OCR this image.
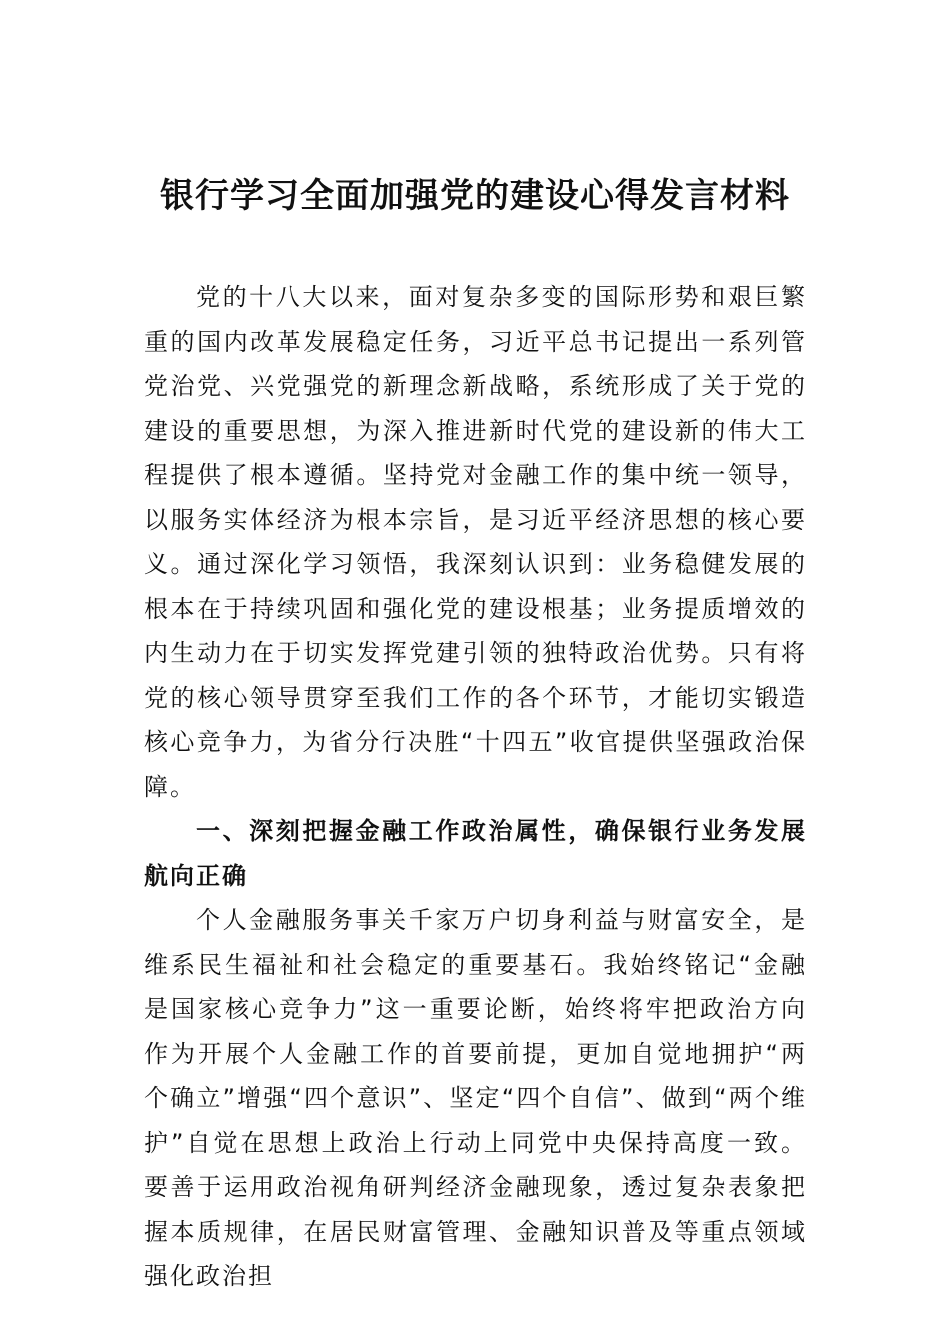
银行学习全面加强党的建设心得发言材料

党的十八大以来，面对复杂多变的国际形势和艰巨繁重的国内改革发展稳定任务，习近平总书记提出一系列管党治党、兴党强党的新理念新战略，系统形成了关于党的建设的重要思想，为深入推进新时代党的建设新的伟大工程提供了根本遵循。坚持党对金融工作的集中统一领导，以服务实体经济为根本宗旨，是习近平经济思想的核心要义。通过深化学习领悟，我深刻认识到：业务稳健发展的根本在于持续巩固和强化党的建设根基；业务提质增效的内生动力在于切实发挥党建引领的独特政治优势。只有将党的核心领导贯穿至我们工作的各个环节，才能切实锻造核心竞争力，为省分行决胜“十四五”收官提供坚强政治保障。

一、深刻把握金融工作政治属性，确保银行业务发展航向正确

个人金融服务事关千家万户切身利益与财富安全，是维系民生福祉和社会稳定的重要基石。我始终铭记“金融是国家核心竞争力”这一重要论断，始终将牢把政治方向作为开展个人金融工作的首要前提，更加自觉地拥护“两个确立”增强“四个意识”、坚定“四个自信”、做到“两个维护”自觉在思想上政治上行动上同党中央保持高度一致。要善于运用政治视角研判经济金融现象，透过复杂表象把握本质规律，在居民财富管理、金融知识普及等重点领域强化政治担
